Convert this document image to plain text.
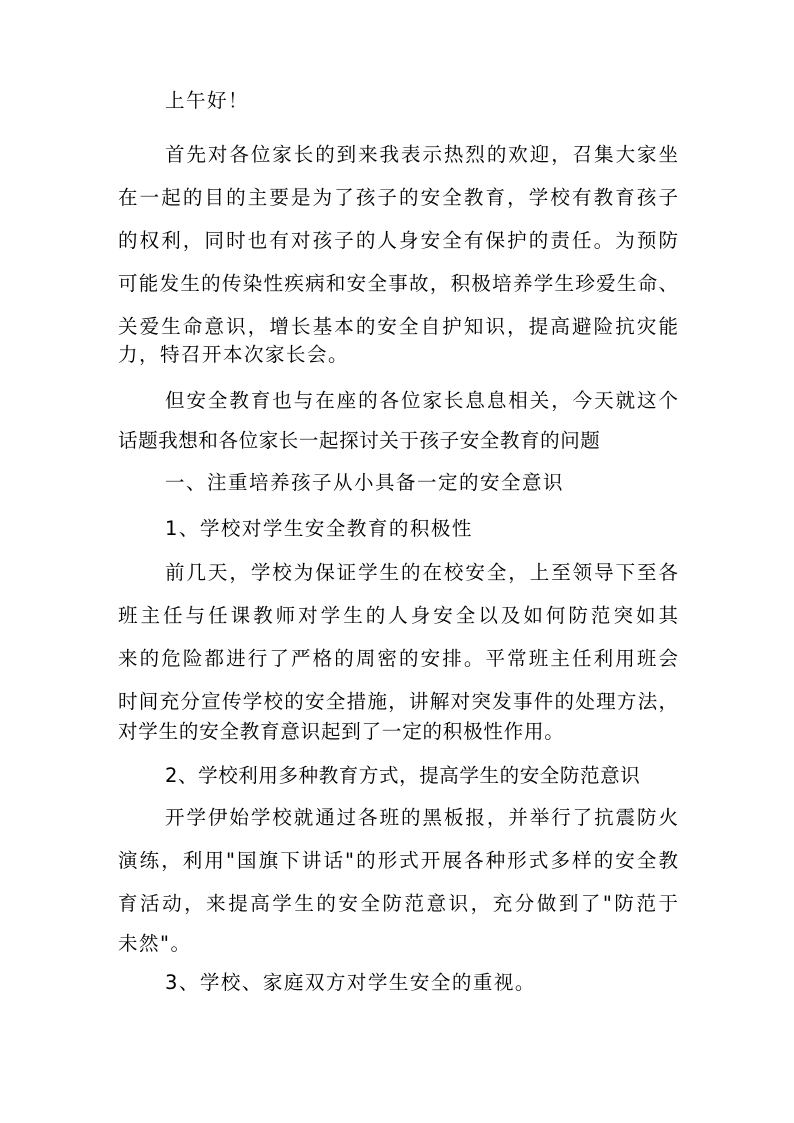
上午好！
首先对各位家长的到来我表示热烈的欢迎，召集大家坐
在一起的目的主要是为了孩子的安全教育，学校有教育孩子
的权利，同时也有对孩子的人身安全有保护的责任。为预防
可能发生的传染性疾病和安全事故，积极培养学生珍爱生命、
关爱生命意识，增长基本的安全自护知识，提高避险抗灾能
力，特召开本次家长会。
但安全教育也与在座的各位家长息息相关，今天就这个
话题我想和各位家长一起探讨关于孩子安全教育的问题
一、注重培养孩子从小具备一定的安全意识
1、学校对学生安全教育的积极性
前几天，学校为保证学生的在校安全，上至领导下至各
班主任与任课教师对学生的人身安全以及如何防范突如其
来的危险都进行了严格的周密的安排。平常班主任利用班会
时间充分宣传学校的安全措施，讲解对突发事件的处理方法，
对学生的安全教育意识起到了一定的积极性作用。
2、学校利用多种教育方式，提高学生的安全防范意识
开学伊始学校就通过各班的黑板报，并举行了抗震防火
演练，利用"国旗下讲话"的形式开展各种形式多样的安全教
育活动，来提高学生的安全防范意识，充分做到了"防范于
未然"。
3、学校、家庭双方对学生安全的重视。
